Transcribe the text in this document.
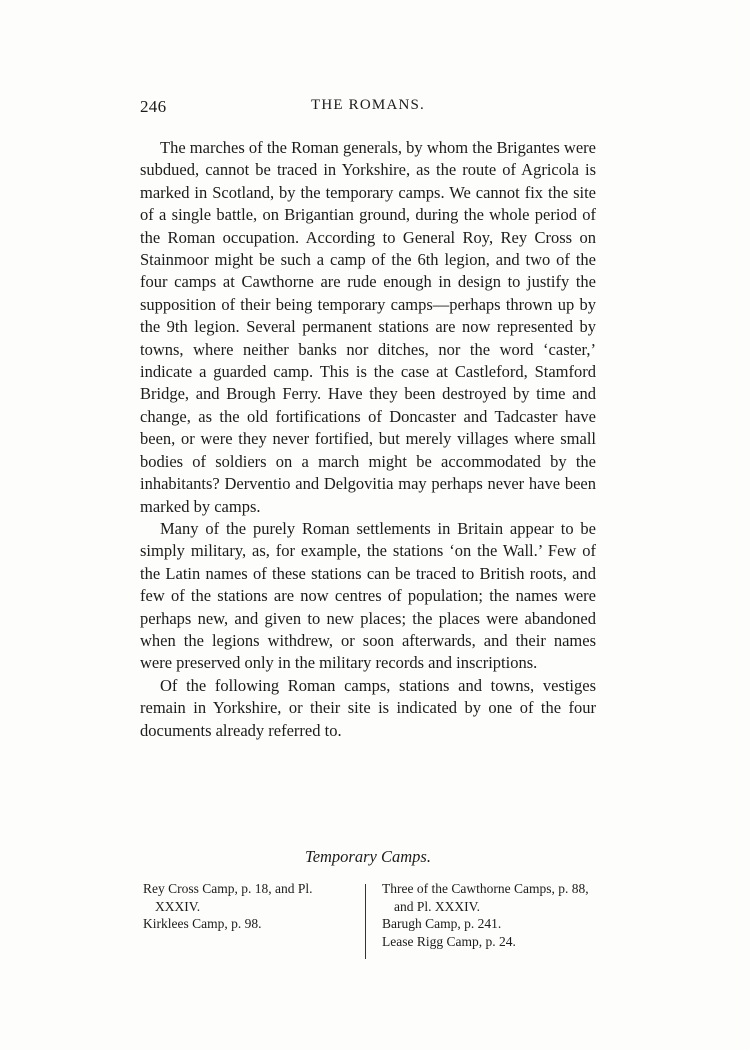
246	THE ROMANS.

The marches of the Roman generals, by whom the Brigantes were subdued, cannot be traced in Yorkshire, as the route of Agricola is marked in Scotland, by the temporary camps. We cannot fix the site of a single battle, on Brigantian ground, during the whole period of the Roman occupation. According to General Roy, Rey Cross on Stainmoor might be such a camp of the 6th legion, and two of the four camps at Cawthorne are rude enough in design to justify the supposition of their being temporary camps—perhaps thrown up by the 9th legion. Several permanent stations are now represented by towns, where neither banks nor ditches, nor the word ‘caster,’ indicate a guarded camp. This is the case at Castleford, Stamford Bridge, and Brough Ferry. Have they been destroyed by time and change, as the old fortifications of Doncaster and Tadcaster have been, or were they never fortified, but merely villages where small bodies of soldiers on a march might be accommodated by the inhabitants? Derventio and Delgovitia may perhaps never have been marked by camps.

Many of the purely Roman settlements in Britain appear to be simply military, as, for example, the stations ‘on the Wall.’ Few of the Latin names of these stations can be traced to British roots, and few of the stations are now centres of population; the names were perhaps new, and given to new places; the places were abandoned when the legions withdrew, or soon afterwards, and their names were preserved only in the military records and inscriptions.

Of the following Roman camps, stations and towns, vestiges remain in Yorkshire, or their site is indicated by one of the four documents already referred to.

Temporary Camps.
Rey Cross Camp, p. 18, and Pl. XXXIV.
Kirklees Camp, p. 98.
Three of the Cawthorne Camps, p. 88, and Pl. XXXIV.
Barugh Camp, p. 241.
Lease Rigg Camp, p. 24.
